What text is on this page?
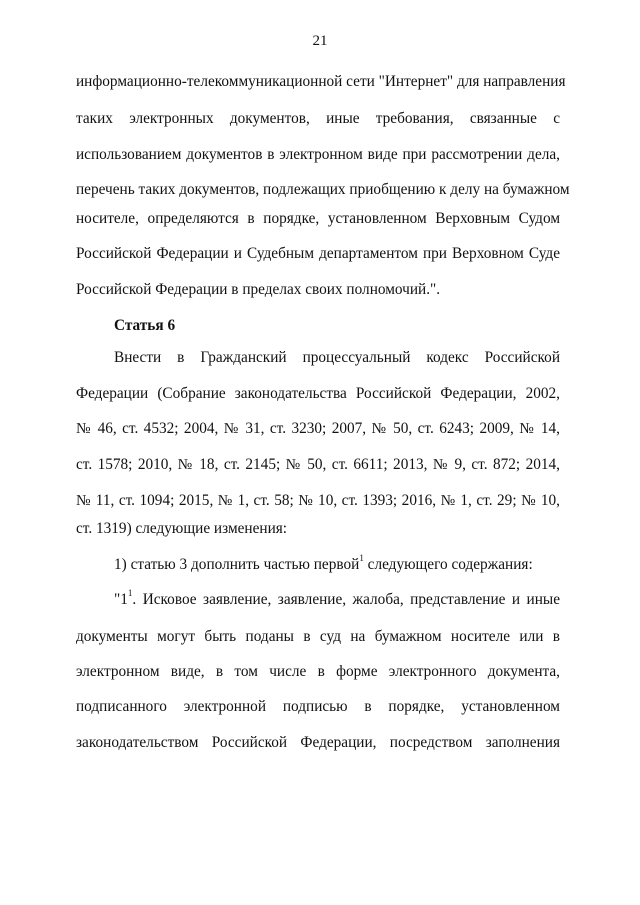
21
информационно-телекоммуникационной сети "Интернет" для направления
таких электронных документов, иные требования, связанные с
использованием документов в электронном виде при рассмотрении дела,
перечень таких документов, подлежащих приобщению к делу на бумажном
носителе, определяются в порядке, установленном Верховным Судом
Российской Федерации и Судебным департаментом при Верховном Суде
Российской Федерации в пределах своих полномочий.".
Статья 6
Внести в Гражданский процессуальный кодекс Российской
Федерации (Собрание законодательства Российской Федерации, 2002,
№ 46, ст. 4532; 2004, № 31, ст. 3230; 2007, № 50, ст. 6243; 2009, № 14,
ст. 1578; 2010, № 18, ст. 2145; № 50, ст. 6611; 2013, № 9, ст. 872; 2014,
№ 11, ст. 1094; 2015, № 1, ст. 58; № 10, ст. 1393; 2016, № 1, ст. 29; № 10,
ст. 1319) следующие изменения:
1) статью 3 дополнить частью первой$^1$ следующего содержания:
"$1^1$. Исковое заявление, заявление, жалоба, представление и иные
документы могут быть поданы в суд на бумажном носителе или в
электронном виде, в том числе в форме электронного документа,
подписанного электронной подписью в порядке, установленном
законодательством Российской Федерации, посредством заполнения
